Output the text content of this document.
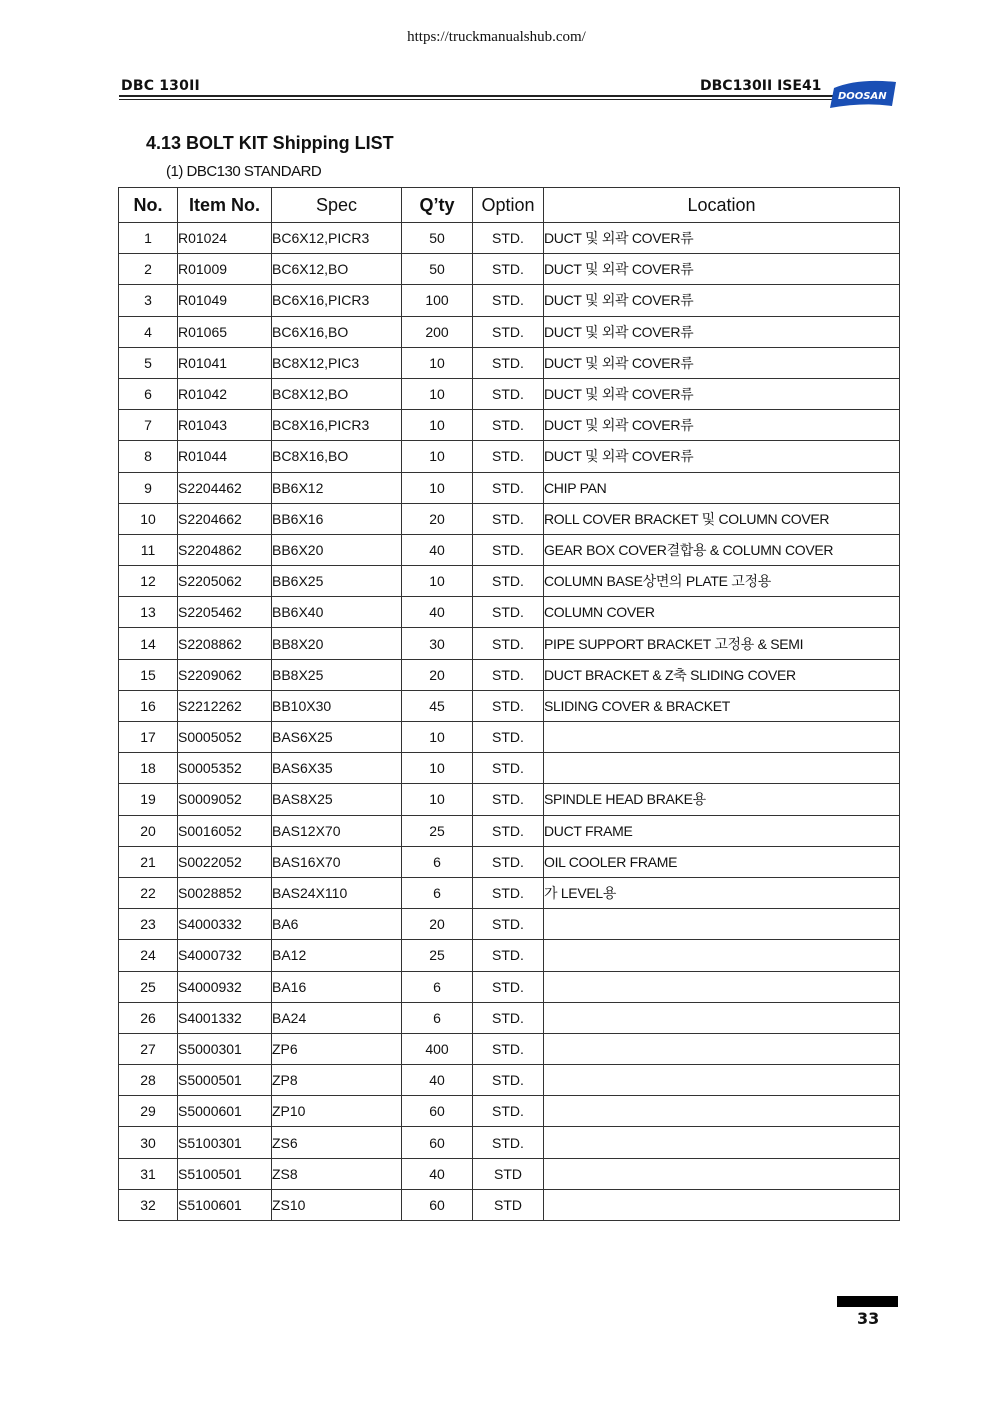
https://truckmanualshub.com/
DBC 130II	DBC130II ISE41
DOOSAN
4.13 BOLT KIT Shipping LIST
(1) DBC130 STANDARD
No.	Item No.	Spec	Q’ty	Option	Location
1	R01024	BC6X12,PICR3	50	STD.	DUCT 및 외곽 COVER류
2	R01009	BC6X12,BO	50	STD.	DUCT 및 외곽 COVER류
3	R01049	BC6X16,PICR3	100	STD.	DUCT 및 외곽 COVER류
4	R01065	BC6X16,BO	200	STD.	DUCT 및 외곽 COVER류
5	R01041	BC8X12,PIC3	10	STD.	DUCT 및 외곽 COVER류
6	R01042	BC8X12,BO	10	STD.	DUCT 및 외곽 COVER류
7	R01043	BC8X16,PICR3	10	STD.	DUCT 및 외곽 COVER류
8	R01044	BC8X16,BO	10	STD.	DUCT 및 외곽 COVER류
9	S2204462	BB6X12	10	STD.	CHIP PAN
10	S2204662	BB6X16	20	STD.	ROLL COVER BRACKET 및 COLUMN COVER
11	S2204862	BB6X20	40	STD.	GEAR BOX COVER결합용 & COLUMN COVER
12	S2205062	BB6X25	10	STD.	COLUMN BASE상면의 PLATE 고정용
13	S2205462	BB6X40	40	STD.	COLUMN COVER
14	S2208862	BB8X20	30	STD.	PIPE SUPPORT BRACKET 고정용 & SEMI
15	S2209062	BB8X25	20	STD.	DUCT BRACKET & Z축 SLIDING COVER
16	S2212262	BB10X30	45	STD.	SLIDING COVER & BRACKET
17	S0005052	BAS6X25	10	STD.	
18	S0005352	BAS6X35	10	STD.	
19	S0009052	BAS8X25	10	STD.	SPINDLE HEAD BRAKE용
20	S0016052	BAS12X70	25	STD.	DUCT FRAME
21	S0022052	BAS16X70	6	STD.	OIL COOLER FRAME
22	S0028852	BAS24X110	6	STD.	가 LEVEL용
23	S4000332	BA6	20	STD.	
24	S4000732	BA12	25	STD.	
25	S4000932	BA16	6	STD.	
26	S4001332	BA24	6	STD.	
27	S5000301	ZP6	400	STD.	
28	S5000501	ZP8	40	STD.	
29	S5000601	ZP10	60	STD.	
30	S5100301	ZS6	60	STD.	
31	S5100501	ZS8	40	STD	
32	S5100601	ZS10	60	STD	
33
